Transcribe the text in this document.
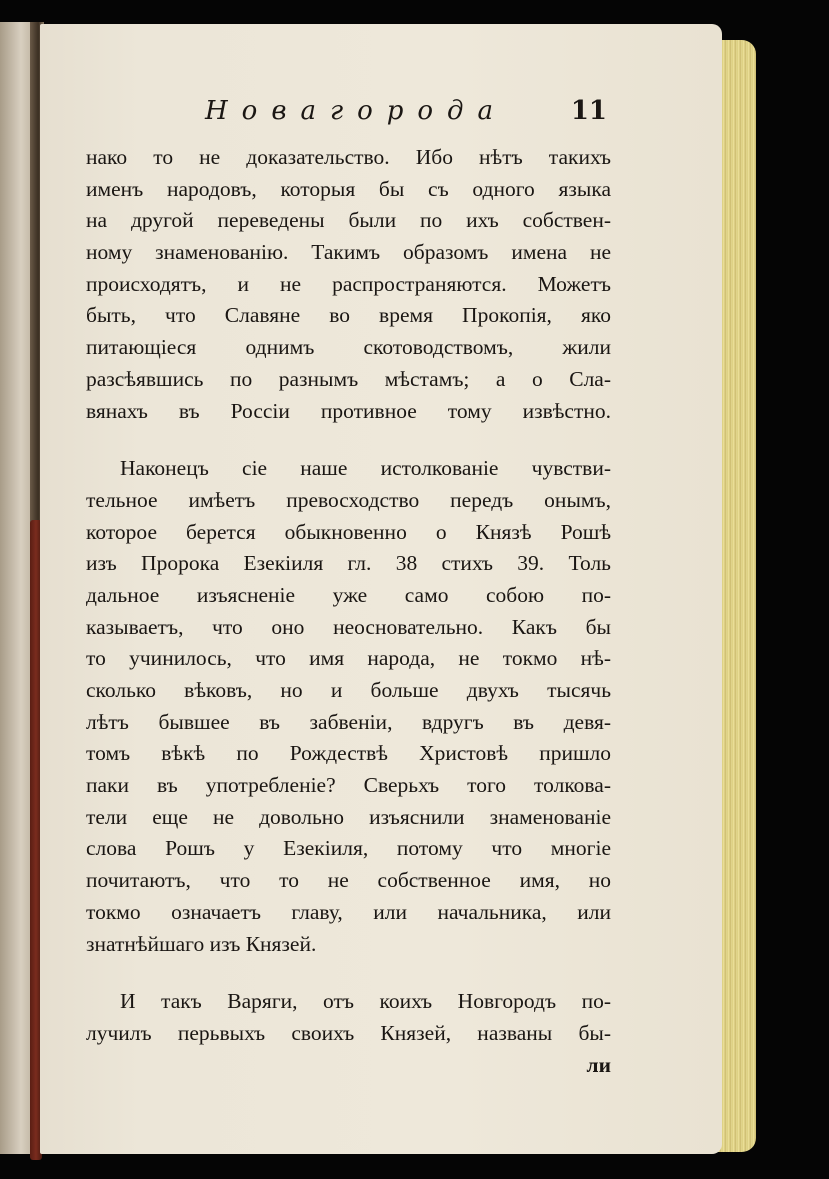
Новагорода 11
нако то не доказательство. Ибо нѣтъ такихъ
именъ народовъ, которыя бы съ одного языка
на другой переведены были по ихъ собствен-
ному знаменованію. Такимъ образомъ имена не
происходятъ, и не распространяются. Можетъ
быть, что Славяне во время Прокопія, яко
питающіеся однимъ скотоводствомъ, жили
разсѣявшись по разнымъ мѣстамъ; а о Сла-
вянахъ въ Россіи противное тому извѣстно.
Наконецъ сіе наше истолкованіе чувстви-
тельное имѣетъ превосходство передъ онымъ,
которое берется обыкновенно о Князѣ Рошѣ
изъ Пророка Езекіиля гл. 38 стихъ 39. Толь
дальное изъясненіе уже само собою по-
казываетъ, что оно неосновательно. Какъ бы
то учинилось, что имя народа, не токмо нѣ-
сколько вѣковъ, но и больше двухъ тысячь
лѣтъ бывшее въ забвеніи, вдругъ въ девя-
томъ вѣкѣ по Рождествѣ Христовѣ пришло
паки въ употребленіе? Сверьхъ того толкова-
тели еще не довольно изъяснили знаменованіе
слова Рошъ у Езекіиля, потому что многіе
почитаютъ, что то не собственное имя, но
токмо означаетъ главу, или начальника, или
знатнѣйшаго изъ Князей.
И такъ Варяги, отъ коихъ Новгородъ по-
лучилъ перьвыхъ своихъ Князей, названы бы-
ли
